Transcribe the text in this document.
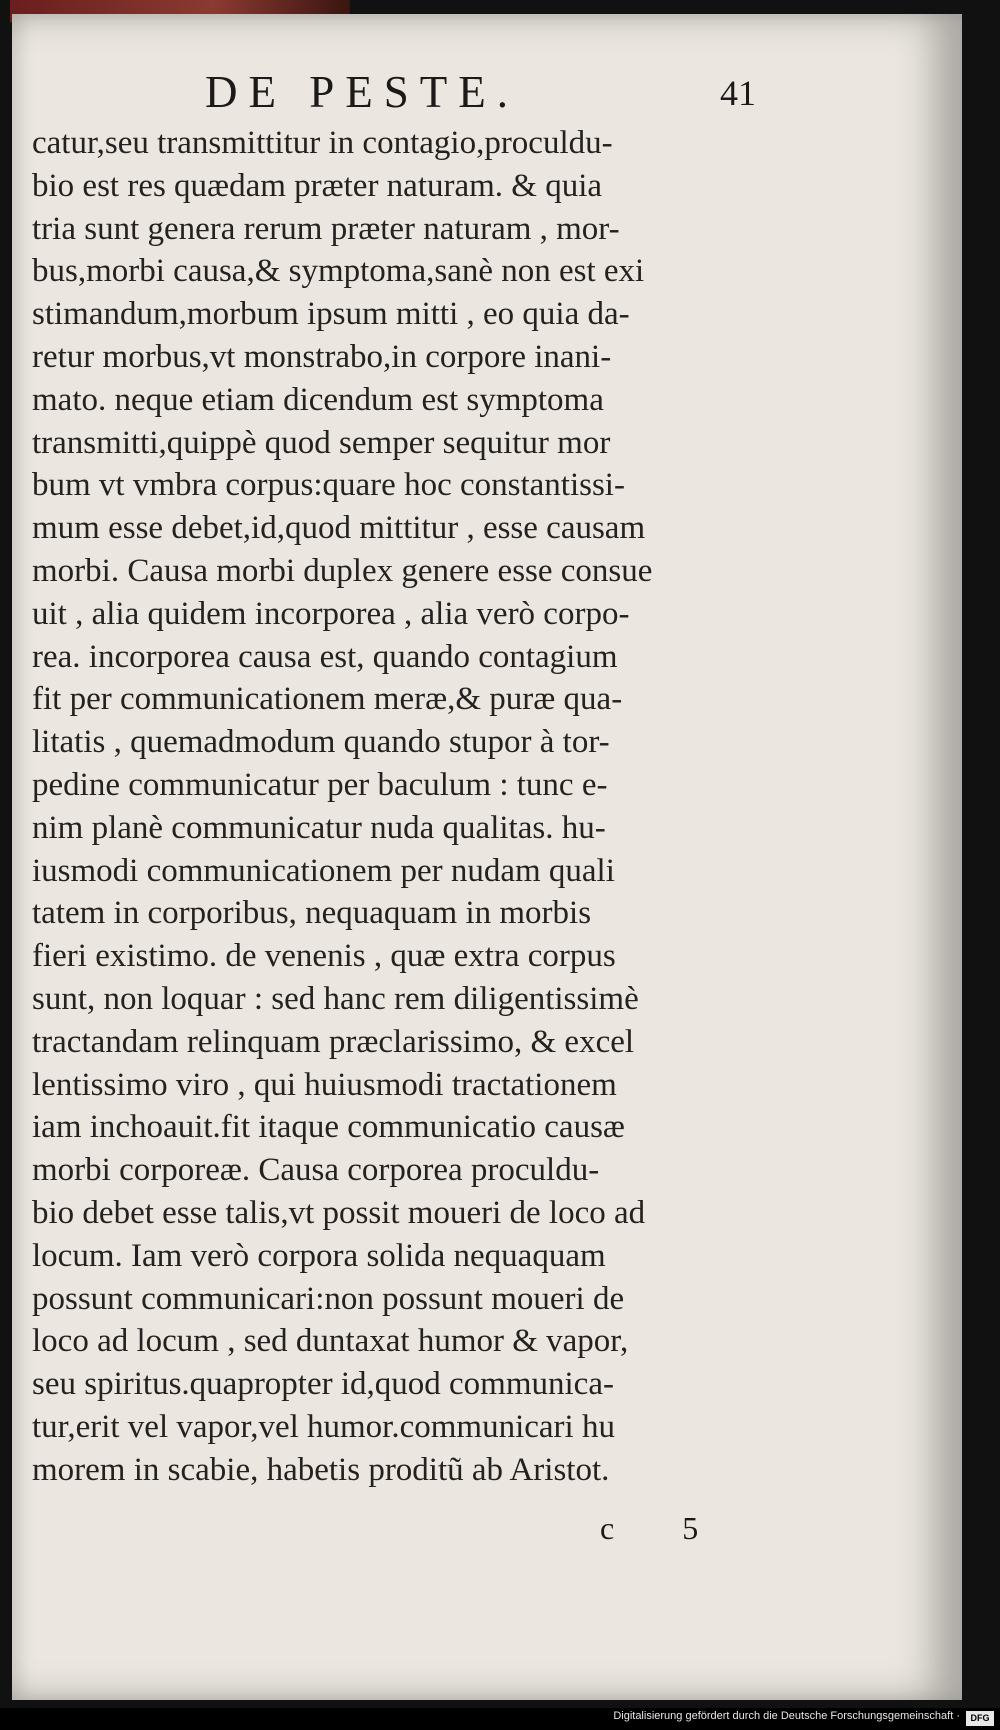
DE PESTE.	41
catur,seu transmittitur in contagio,proculdu-
bio est res quædam præter naturam. & quia
tria sunt genera rerum præter naturam , mor-
bus,morbi causa,& symptoma,sanè non est exi
stimandum,morbum ipsum mitti , eo quia da-
retur morbus,vt monstrabo,in corpore inani-
mato. neque etiam dicendum est symptoma
transmitti,quippè quod semper sequitur mor
bum vt vmbra corpus:quare hoc constantissi-
mum esse debet,id,quod mittitur , esse causam
morbi. Causa morbi duplex genere esse consue
uit , alia quidem incorporea , alia verò corpo-
rea. incorporea causa est, quando contagium
fit per communicationem meræ,& puræ qua-
litatis , quemadmodum quando stupor à tor-
pedine communicatur per baculum : tunc e-
nim planè communicatur nuda qualitas. hu-
iusmodi communicationem per nudam quali
tatem in corporibus, nequaquam in morbis
fieri existimo. de venenis , quæ extra corpus
sunt, non loquar : sed hanc rem diligentissimè
tractandam relinquam præclarissimo, & excel
lentissimo viro , qui huiusmodi tractationem
iam inchoauit.fit itaque communicatio causæ
morbi corporeæ. Causa corporea proculdu-
bio debet esse talis,vt possit moueri de loco ad
locum. Iam verò corpora solida nequaquam
possunt communicari:non possunt moueri de
loco ad locum , sed duntaxat humor & vapor,
seu spiritus.quapropter id,quod communica-
tur,erit vel vapor,vel humor.communicari hu
morem in scabie, habetis proditũ ab Aristot.
c 5
Digitalisierung gefördert durch die Deutsche Forschungsgemeinschaft ·	DFG
